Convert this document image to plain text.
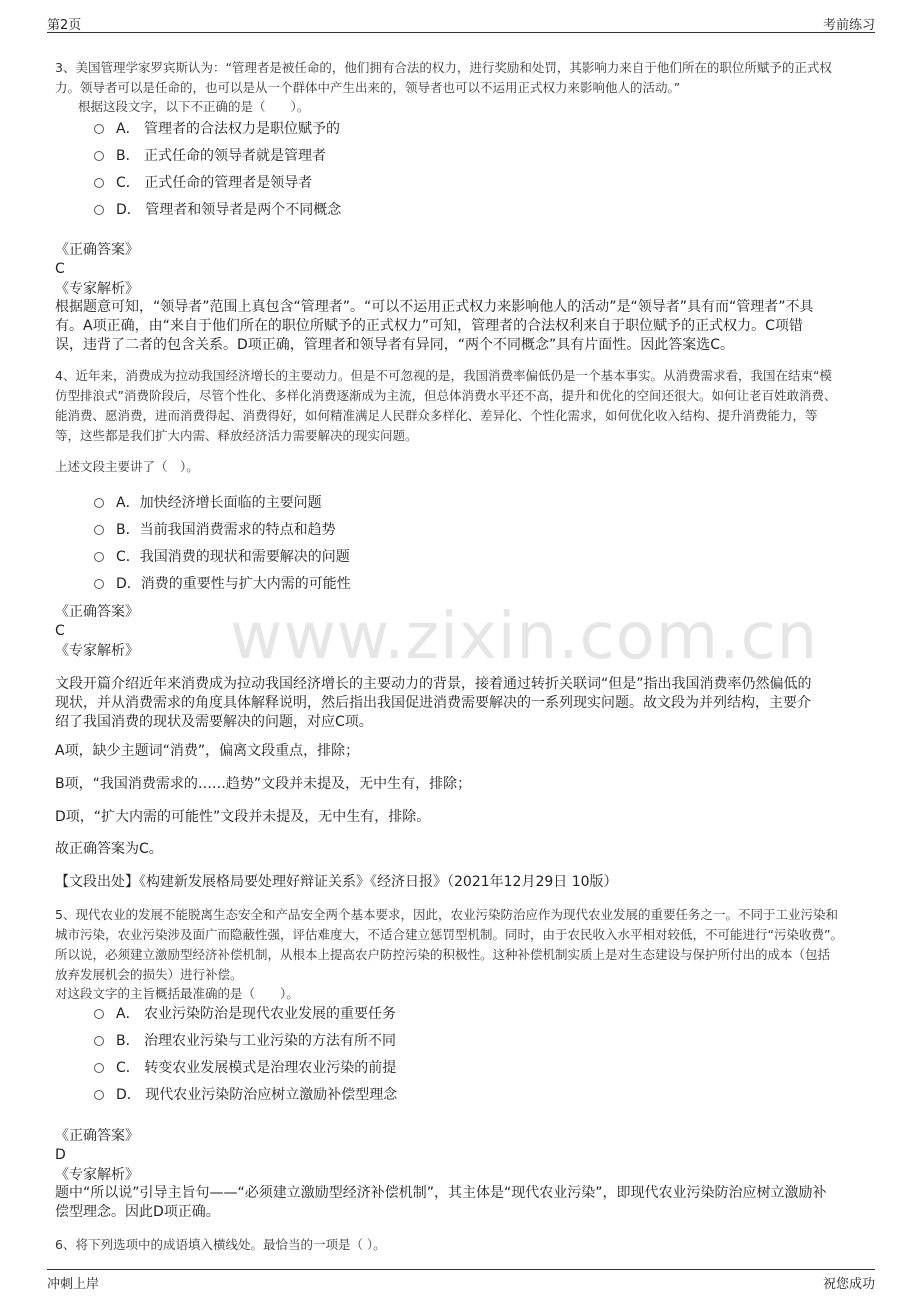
www.zixin.com.cn
第2页	考前练习
3、美国管理学家罗宾斯认为：“管理者是被任命的，他们拥有合法的权力，进行奖励和处罚，其影响力来自于他们所在的职位所赋予的正式权
力。领导者可以是任命的，也可以是从一个群体中产生出来的，领导者也可以不运用正式权力来影响他人的活动。”
根据这段文字，以下不正确的是（　　）。
A． 管理者的合法权力是职位赋予的
B． 正式任命的领导者就是管理者
C． 正式任命的管理者是领导者
D． 管理者和领导者是两个不同概念
《正确答案》
C
《专家解析》
根据题意可知，“领导者”范围上真包含“管理者”。“可以不运用正式权力来影响他人的活动”是“领导者”具有而“管理者”不具
有。A项正确，由“来自于他们所在的职位所赋予的正式权力”可知，管理者的合法权利来自于职位赋予的正式权力。C项错
误，违背了二者的包含关系。D项正确，管理者和领导者有异同，“两个不同概念”具有片面性。因此答案选C。
4、近年来，消费成为拉动我国经济增长的主要动力。但是不可忽视的是，我国消费率偏低仍是一个基本事实。从消费需求看，我国在结束“模
仿型排浪式”消费阶段后，尽管个性化、多样化消费逐渐成为主流，但总体消费水平还不高，提升和优化的空间还很大。如何让老百姓敢消费、
能消费、愿消费，进而消费得起、消费得好，如何精准满足人民群众多样化、差异化、个性化需求，如何优化收入结构、提升消费能力，等
等，这些都是我们扩大内需、释放经济活力需要解决的现实问题。
上述文段主要讲了（　）。
A．加快经济增长面临的主要问题
B．当前我国消费需求的特点和趋势
C．我国消费的现状和需要解决的问题
D．消费的重要性与扩大内需的可能性
《正确答案》
C
《专家解析》
文段开篇介绍近年来消费成为拉动我国经济增长的主要动力的背景，接着通过转折关联词“但是”指出我国消费率仍然偏低的
现状，并从消费需求的角度具体解释说明，然后指出我国促进消费需要解决的一系列现实问题。故文段为并列结构，主要介
绍了我国消费的现状及需要解决的问题，对应C项。
A项，缺少主题词“消费”，偏离文段重点，排除；
B项，“我国消费需求的……趋势”文段并未提及，无中生有，排除；
D项，“扩大内需的可能性”文段并未提及，无中生有，排除。
故正确答案为C。
【文段出处】《构建新发展格局要处理好辩证关系》《经济日报》（2021年12月29日 10版）
5、现代农业的发展不能脱离生态安全和产品安全两个基本要求，因此，农业污染防治应作为现代农业发展的重要任务之一。不同于工业污染和
城市污染，农业污染涉及面广而隐蔽性强，评估难度大，不适合建立惩罚型机制。同时，由于农民收入水平相对较低，不可能进行“污染收费”。
所以说，必须建立激励型经济补偿机制，从根本上提高农户防控污染的积极性。这种补偿机制实质上是对生态建设与保护所付出的成本（包括
放弃发展机会的损失）进行补偿。
对这段文字的主旨概括最准确的是（　　）。
A． 农业污染防治是现代农业发展的重要任务
B． 治理农业污染与工业污染的方法有所不同
C． 转变农业发展模式是治理农业污染的前提
D． 现代农业污染防治应树立激励补偿型理念
《正确答案》
D
《专家解析》
题中“所以说”引导主旨句——“必须建立激励型经济补偿机制”，其主体是“现代农业污染”，即现代农业污染防治应树立激励补
偿型理念。因此D项正确。
6、将下列选项中的成语填入横线处。最恰当的一项是（ ）。
冲刺上岸	祝您成功
